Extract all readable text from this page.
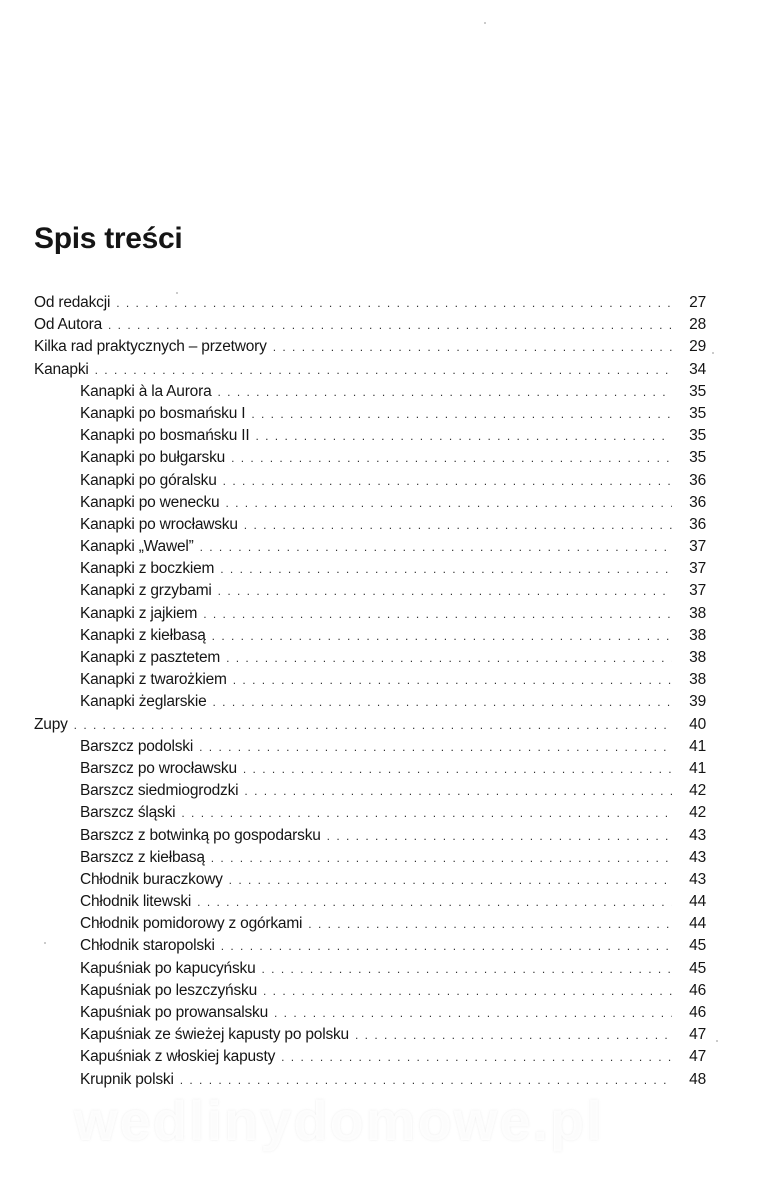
Spis treści
Od redakcji . . .	27
Od Autora . . .	28
Kilka rad praktycznych – przetwory . . .	29
Kanapki . . .	34
Kanapki à la Aurora . . .	35
Kanapki po bosmańsku I . . .	35
Kanapki po bosmańsku II . . .	35
Kanapki po bułgarsku . . .	35
Kanapki po góralsku . . .	36
Kanapki po wenecku . . .	36
Kanapki po wrocławsku . . .	36
Kanapki „Wawel” . . .	37
Kanapki z boczkiem . . .	37
Kanapki z grzybami . . .	37
Kanapki z jajkiem . . .	38
Kanapki z kiełbasą . . .	38
Kanapki z pasztetem . . .	38
Kanapki z twarożkiem . . .	38
Kanapki żeglarskie . . .	39
Zupy . . .	40
Barszcz podolski . . .	41
Barszcz po wrocławsku . . .	41
Barszcz siedmiogrodzki . . .	42
Barszcz śląski . . .	42
Barszcz z botwinką po gospodarsku . . .	43
Barszcz z kiełbasą . . .	43
Chłodnik buraczkowy . . .	43
Chłodnik litewski . . .	44
Chłodnik pomidorowy z ogórkami . . .	44
Chłodnik staropolski . . .	45
Kapuśniak po kapucyńsku . . .	45
Kapuśniak po leszczyńsku . . .	46
Kapuśniak po prowansalsku . . .	46
Kapuśniak ze świeżej kapusty po polsku . . .	47
Kapuśniak z włoskiej kapusty . . .	47
Krupnik polski . . .	48
wedlinydomowe.pl
